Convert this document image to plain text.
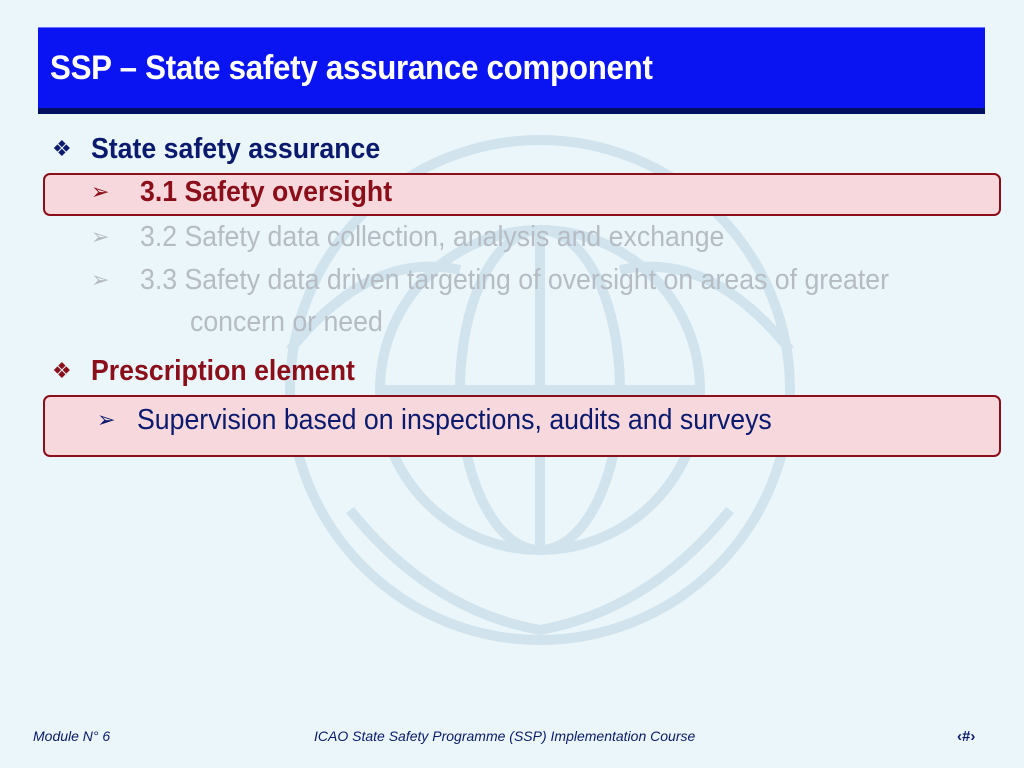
SSP – State safety assurance component
❖ State safety assurance
➢ 3.1 Safety oversight
➢ 3.2 Safety data collection, analysis and exchange
➢ 3.3 Safety data driven targeting of oversight on areas of greater
concern or need
❖ Prescription element
➢ Supervision based on inspections, audits and surveys
Module N° 6	ICAO State Safety Programme (SSP) Implementation Course	‹#›
